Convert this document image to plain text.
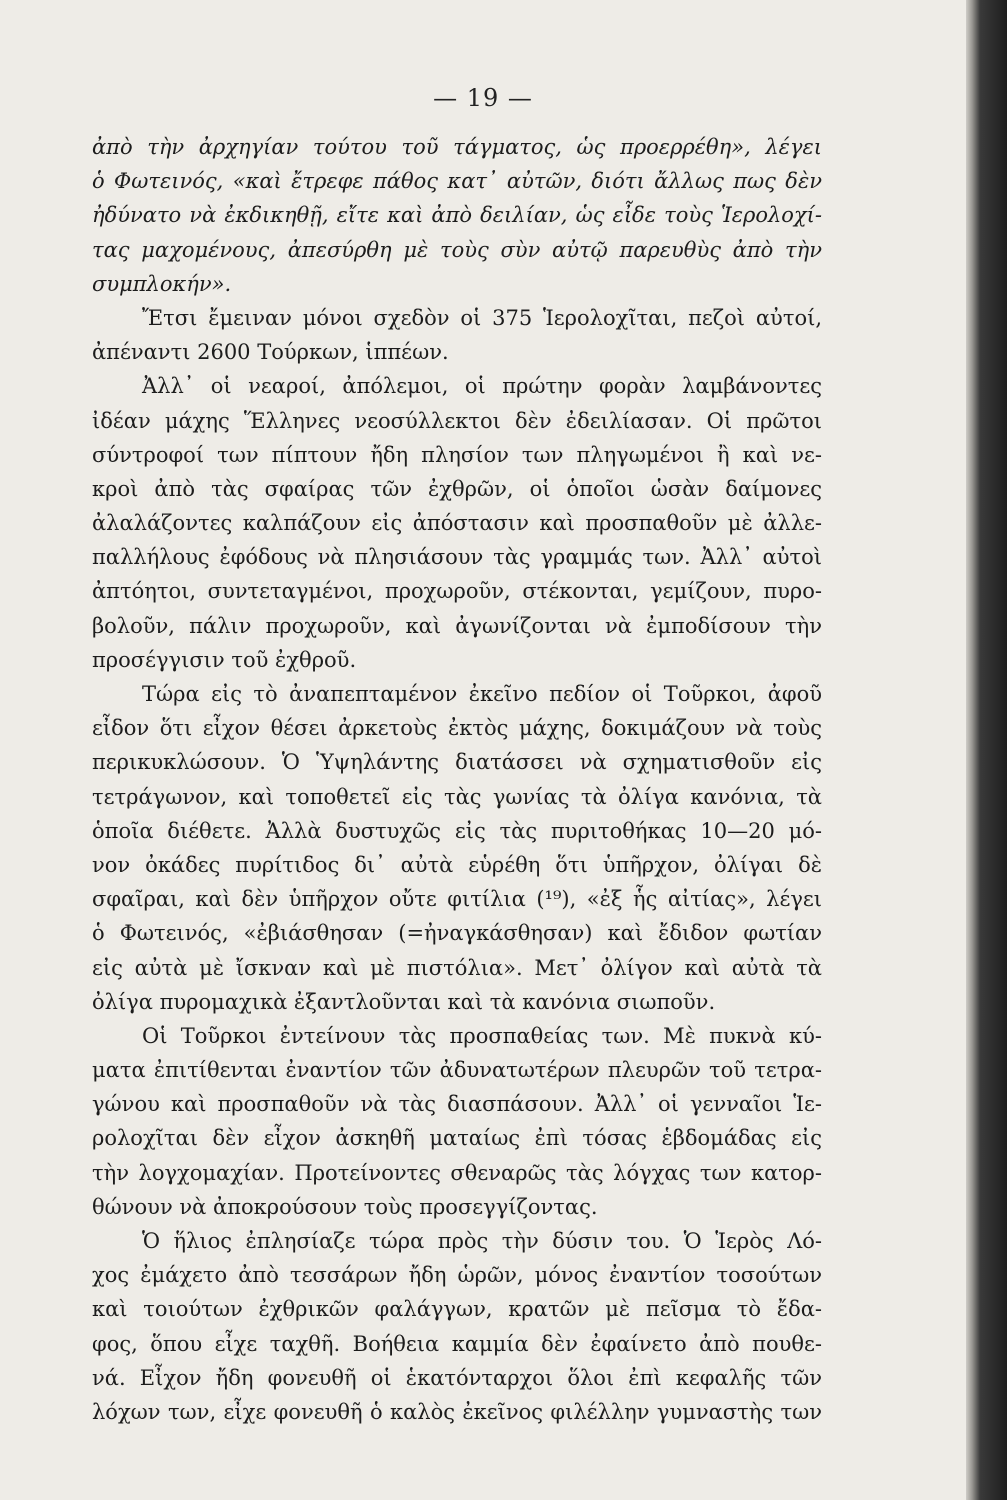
— 19 —
ἀπὸ τὴν ἀρχηγίαν τούτου τοῦ τάγματος, ὡς προερρέθη», λέγει
ὁ Φωτεινός, «καὶ ἔτρεφε πάθος κατ᾽ αὐτῶν, διότι ἄλλως πως δὲν
ἠδύνατο νὰ ἐκδικηθῇ, εἴτε καὶ ἀπὸ δειλίαν, ὡς εἶδε τοὺς Ἱερολοχί-
τας μαχομένους, ἀπεσύρθη μὲ τοὺς σὺν αὐτῷ παρευθὺς ἀπὸ τὴν
συμπλοκήν».
Ἔτσι ἔμειναν μόνοι σχεδὸν οἱ 375 Ἱερολοχῖται, πεζοὶ αὐτοί,
ἀπέναντι 2600 Τούρκων, ἱππέων.
Ἀλλ᾽ οἱ νεαροί, ἀπόλεμοι, οἱ πρώτην φορὰν λαμβάνοντες
ἰδέαν μάχης Ἕλληνες νεοσύλλεκτοι δὲν ἐδειλίασαν. Οἱ πρῶτοι
σύντροφοί των πίπτουν ἤδη πλησίον των πληγωμένοι ἢ καὶ νε-
κροὶ ἀπὸ τὰς σφαίρας τῶν ἐχθρῶν, οἱ ὁποῖοι ὡσὰν δαίμονες
ἀλαλάζοντες καλπάζουν εἰς ἀπόστασιν καὶ προσπαθοῦν μὲ ἀλλε-
παλλήλους ἐφόδους νὰ πλησιάσουν τὰς γραμμάς των. Ἀλλ᾽ αὐτοὶ
ἀπτόητοι, συντεταγμένοι, προχωροῦν, στέκονται, γεμίζουν, πυρο-
βολοῦν, πάλιν προχωροῦν, καὶ ἀγωνίζονται νὰ ἐμποδίσουν τὴν
προσέγγισιν τοῦ ἐχθροῦ.
Τώρα εἰς τὸ ἀναπεπταμένον ἐκεῖνο πεδίον οἱ Τοῦρκοι, ἀφοῦ
εἶδον ὅτι εἶχον θέσει ἀρκετοὺς ἐκτὸς μάχης, δοκιμάζουν νὰ τοὺς
περικυκλώσουν. Ὁ Ὑψηλάντης διατάσσει νὰ σχηματισθοῦν εἰς
τετράγωνον, καὶ τοποθετεῖ εἰς τὰς γωνίας τὰ ὀλίγα κανόνια, τὰ
ὁποῖα διέθετε. Ἀλλὰ δυστυχῶς εἰς τὰς πυριτοθήκας 10—20 μό-
νον ὀκάδες πυρίτιδος δι᾽ αὐτὰ εὑρέθη ὅτι ὑπῆρχον, ὀλίγαι δὲ
σφαῖραι, καὶ δὲν ὑπῆρχον οὔτε φιτίλια (¹⁹), «ἐξ ἧς αἰτίας», λέγει
ὁ Φωτεινός, «ἐβιάσθησαν (=ἠναγκάσθησαν) καὶ ἔδιδον φωτίαν
εἰς αὐτὰ μὲ ἴσκναν καὶ μὲ πιστόλια». Μετ᾽ ὀλίγον καὶ αὐτὰ τὰ
ὀλίγα πυρομαχικὰ ἐξαντλοῦνται καὶ τὰ κανόνια σιωποῦν.
Οἱ Τοῦρκοι ἐντείνουν τὰς προσπαθείας των. Μὲ πυκνὰ κύ-
ματα ἐπιτίθενται ἐναντίον τῶν ἀδυνατωτέρων πλευρῶν τοῦ τετρα-
γώνου καὶ προσπαθοῦν νὰ τὰς διασπάσουν. Ἀλλ᾽ οἱ γενναῖοι Ἱε-
ρολοχῖται δὲν εἶχον ἀσκηθῆ ματαίως ἐπὶ τόσας ἑβδομάδας εἰς
τὴν λογχομαχίαν. Προτείνοντες σθεναρῶς τὰς λόγχας των κατορ-
θώνουν νὰ ἀποκρούσουν τοὺς προσεγγίζοντας.
Ὁ ἥλιος ἐπλησίαζε τώρα πρὸς τὴν δύσιν του. Ὁ Ἱερὸς Λό-
χος ἐμάχετο ἀπὸ τεσσάρων ἤδη ὡρῶν, μόνος ἐναντίον τοσούτων
καὶ τοιούτων ἐχθρικῶν φαλάγγων, κρατῶν μὲ πεῖσμα τὸ ἔδα-
φος, ὅπου εἶχε ταχθῆ. Βοήθεια καμμία δὲν ἐφαίνετο ἀπὸ πουθε-
νά. Εἶχον ἤδη φονευθῆ οἱ ἑκατόνταρχοι ὅλοι ἐπὶ κεφαλῆς τῶν
λόχων των, εἶχε φονευθῆ ὁ καλὸς ἐκεῖνος φιλέλλην γυμναστὴς των
